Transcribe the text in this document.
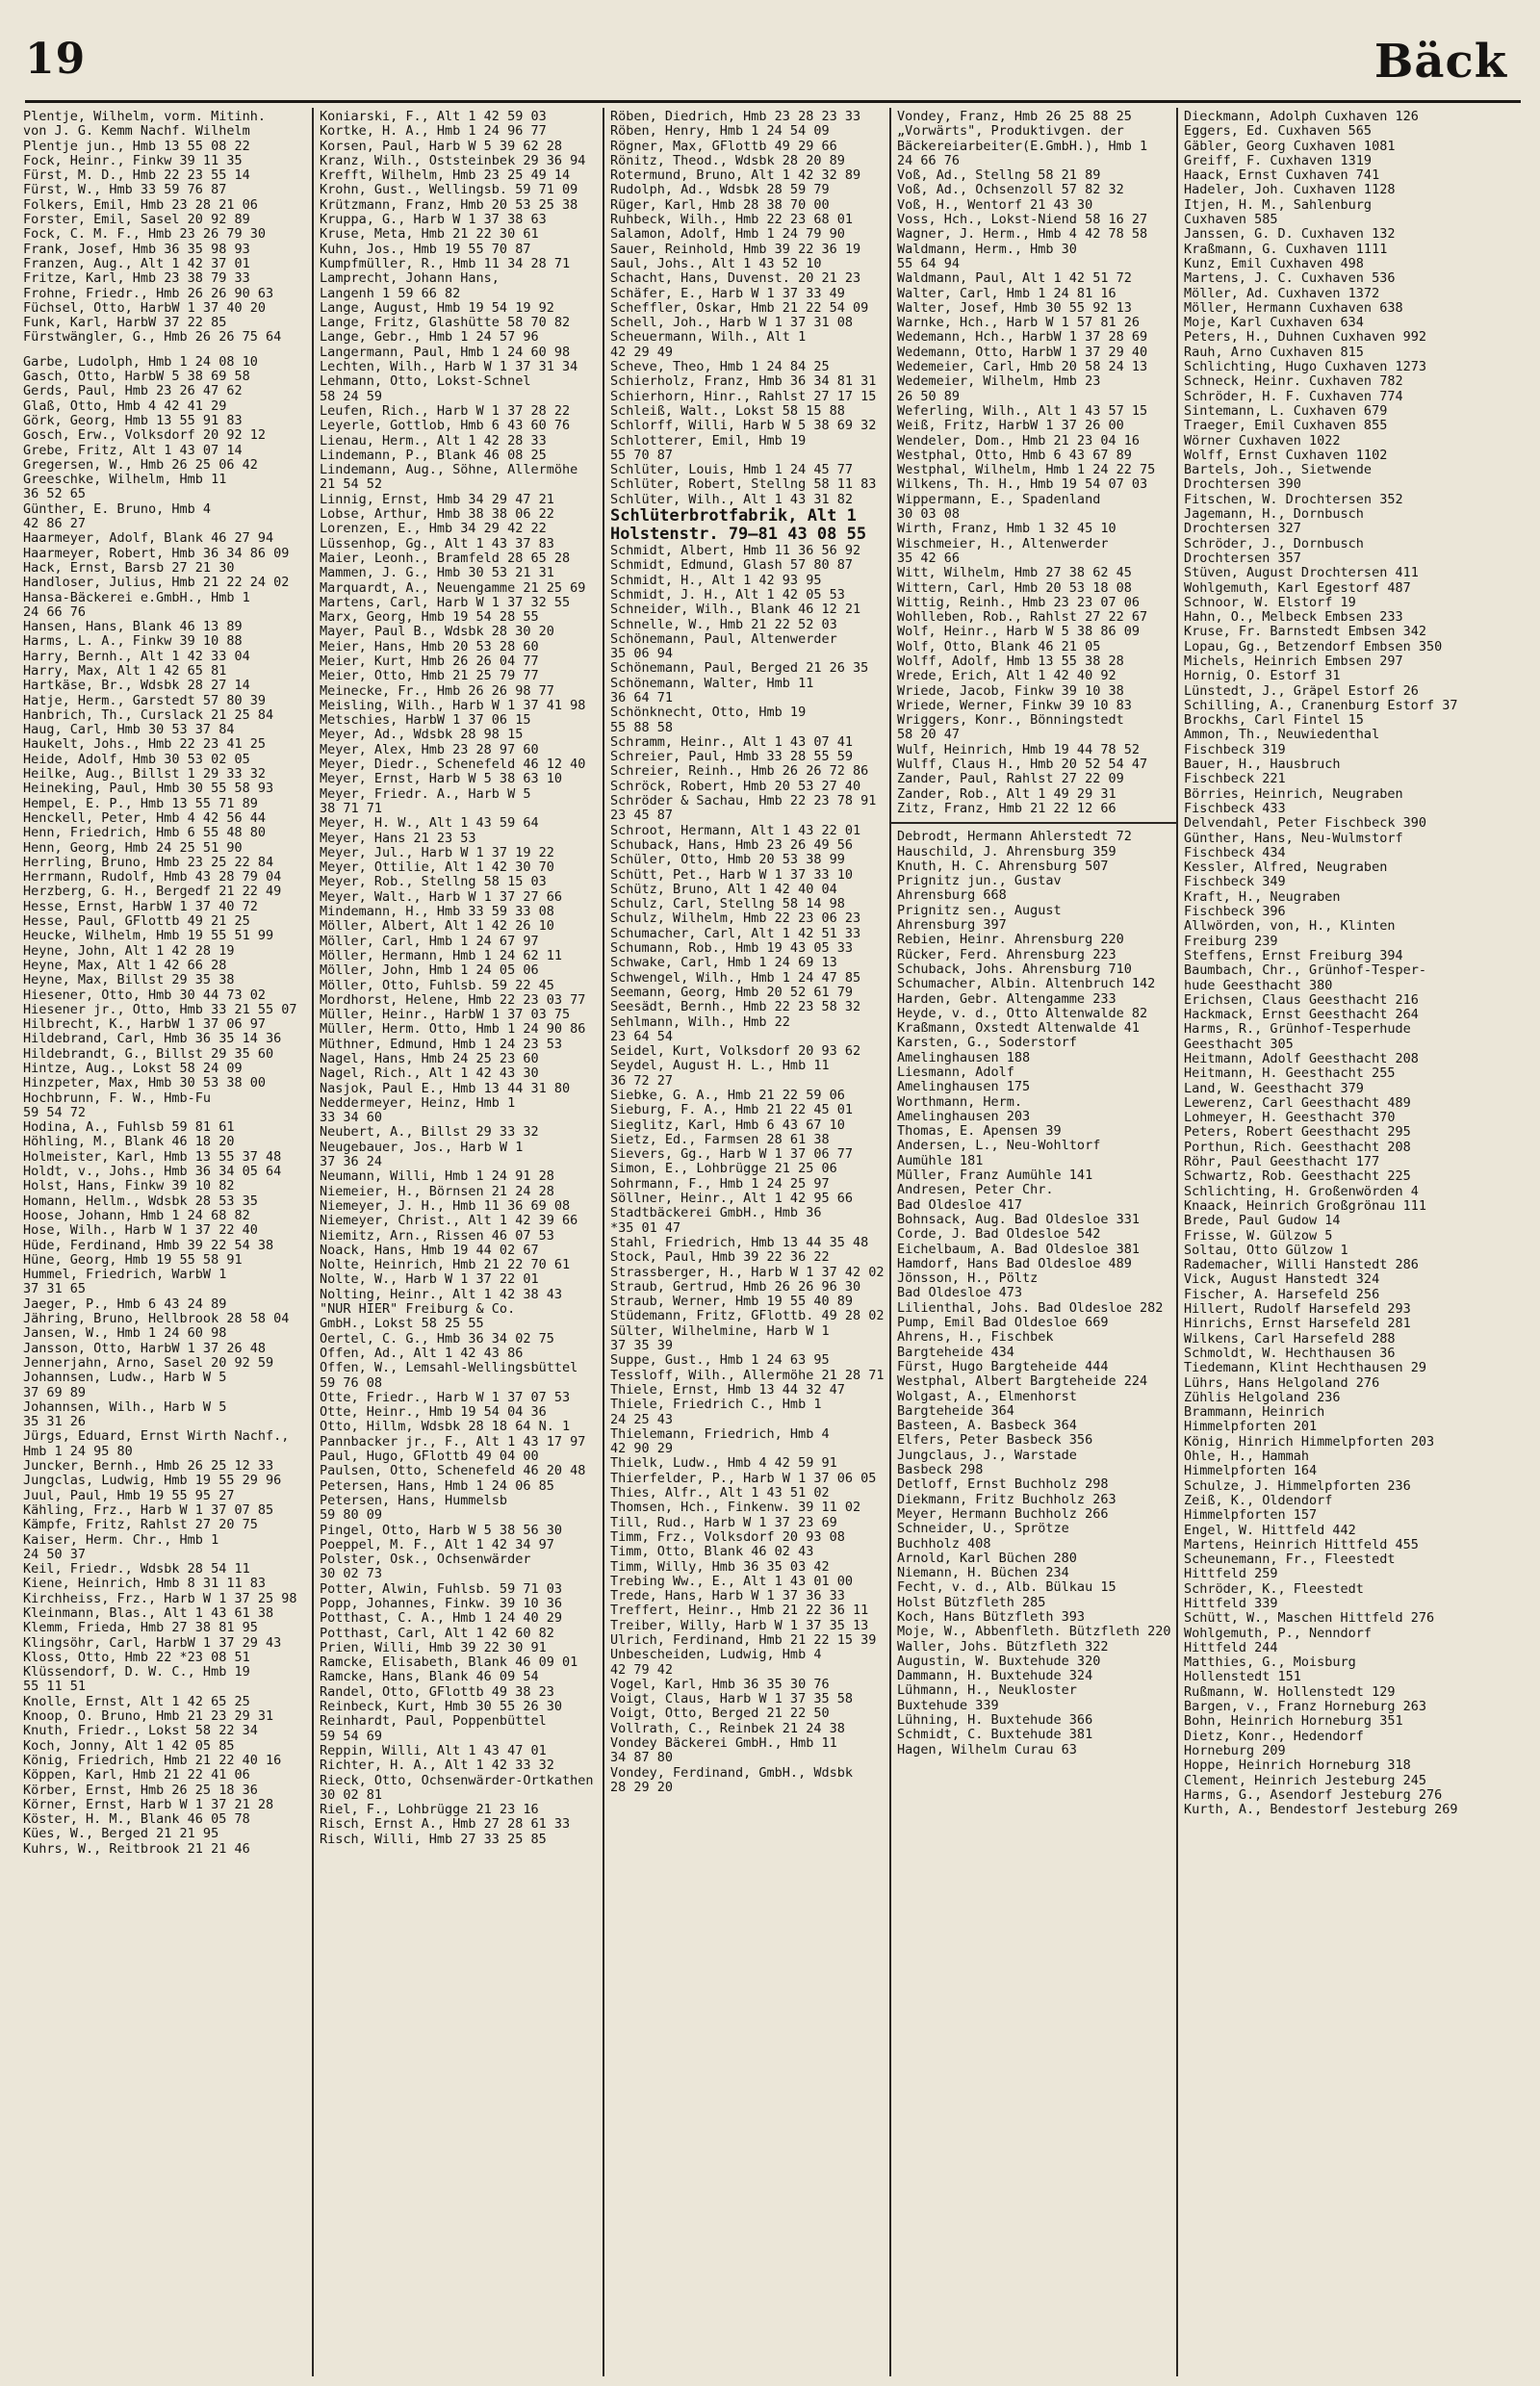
19	Bäck
Plentje, Wilhelm, vorm. Mitinh.
von J. G. Kemm Nachf. Wilhelm
Plentje jun., Hmb 13 55 08 22
Fock, Heinr., Finkw 39 11 35
Fürst, M. D., Hmb 22 23 55 14
Fürst, W., Hmb 33 59 76 87
Folkers, Emil, Hmb 23 28 21 06
Forster, Emil, Sasel 20 92 89
Fock, C. M. F., Hmb 23 26 79 30
Frank, Josef, Hmb 36 35 98 93
Franzen, Aug., Alt 1 42 37 01
Fritze, Karl, Hmb 23 38 79 33
Frohne, Friedr., Hmb 26 26 90 63
Füchsel, Otto, HarbW 1 37 40 20
Funk, Karl, HarbW 37 22 85
Fürstwängler, G., Hmb 26 26 75 64
Garbe, Ludolph, Hmb 1 24 08 10
Gasch, Otto, HarbW 5 38 69 58
Gerds, Paul, Hmb 23 26 47 62
Glaß, Otto, Hmb 4 42 41 29
Görk, Georg, Hmb 13 55 91 83
Gosch, Erw., Volksdorf 20 92 12
Grebe, Fritz, Alt 1 43 07 14
Gregersen, W., Hmb 26 25 06 42
Greeschke, Wilhelm, Hmb 11
36 52 65
Günther, E. Bruno, Hmb 4
42 86 27
Haarmeyer, Adolf, Blank 46 27 94
Haarmeyer, Robert, Hmb 36 34 86 09
Hack, Ernst, Barsb 27 21 30
Handloser, Julius, Hmb 21 22 24 02
Hansa-Bäckerei e.GmbH., Hmb 1
24 66 76
Hansen, Hans, Blank 46 13 89
Harms, L. A., Finkw 39 10 88
Harry, Bernh., Alt 1 42 33 04
Harry, Max, Alt 1 42 65 81
Hartkäse, Br., Wdsbk 28 27 14
Hatje, Herm., Garstedt 57 80 39
Hanbrich, Th., Curslack 21 25 84
Haug, Carl, Hmb 30 53 37 84
Haukelt, Johs., Hmb 22 23 41 25
Heide, Adolf, Hmb 30 53 02 05
Heilke, Aug., Billst 1 29 33 32
Heineking, Paul, Hmb 30 55 58 93
Hempel, E. P., Hmb 13 55 71 89
Henckell, Peter, Hmb 4 42 56 44
Henn, Friedrich, Hmb 6 55 48 80
Henn, Georg, Hmb 24 25 51 90
Herrling, Bruno, Hmb 23 25 22 84
Herrmann, Rudolf, Hmb 43 28 79 04
Herzberg, G. H., Bergedf 21 22 49
Hesse, Ernst, HarbW 1 37 40 72
Hesse, Paul, GFlottb 49 21 25
Heucke, Wilhelm, Hmb 19 55 51 99
Heyne, John, Alt 1 42 28 19
Heyne, Max, Alt 1 42 66 28
Heyne, Max, Billst 29 35 38
Hiesener, Otto, Hmb 30 44 73 02
Hiesener jr., Otto, Hmb 33 21 55 07
Hilbrecht, K., HarbW 1 37 06 97
Hildebrand, Carl, Hmb 36 35 14 36
Hildebrandt, G., Billst 29 35 60
Hintze, Aug., Lokst 58 24 09
Hinzpeter, Max, Hmb 30 53 38 00
Hochbrunn, F. W., Hmb-Fu
59 54 72
Hodina, A., Fuhlsb 59 81 61
Höhling, M., Blank 46 18 20
Holmeister, Karl, Hmb 13 55 37 48
Holdt, v., Johs., Hmb 36 34 05 64
Holst, Hans, Finkw 39 10 82
Homann, Hellm., Wdsbk 28 53 35
Hoose, Johann, Hmb 1 24 68 82
Hose, Wilh., Harb W 1 37 22 40
Hüde, Ferdinand, Hmb 39 22 54 38
Hüne, Georg, Hmb 19 55 58 91
Hummel, Friedrich, WarbW 1
37 31 65
Jaeger, P., Hmb 6 43 24 89
Jähring, Bruno, Hellbrook 28 58 04
Jansen, W., Hmb 1 24 60 98
Jansson, Otto, HarbW 1 37 26 48
Jennerjahn, Arno, Sasel 20 92 59
Johannsen, Ludw., Harb W 5
37 69 89
Johannsen, Wilh., Harb W 5
35 31 26
Jürgs, Eduard, Ernst Wirth Nachf.,
Hmb 1 24 95 80
Juncker, Bernh., Hmb 26 25 12 33
Jungclas, Ludwig, Hmb 19 55 29 96
Juul, Paul, Hmb 19 55 95 27
Kähling, Frz., Harb W 1 37 07 85
Kämpfe, Fritz, Rahlst 27 20 75
Kaiser, Herm. Chr., Hmb 1
24 50 37
Keil, Friedr., Wdsbk 28 54 11
Kiene, Heinrich, Hmb 8 31 11 83
Kirchheiss, Frz., Harb W 1 37 25 98
Kleinmann, Blas., Alt 1 43 61 38
Klemm, Frieda, Hmb 27 38 81 95
Klingsöhr, Carl, HarbW 1 37 29 43
Kloss, Otto, Hmb 22 *23 08 51
Klüssendorf, D. W. C., Hmb 19
55 11 51
Knolle, Ernst, Alt 1 42 65 25
Knoop, O. Bruno, Hmb 21 23 29 31
Knuth, Friedr., Lokst 58 22 34
Koch, Jonny, Alt 1 42 05 85
König, Friedrich, Hmb 21 22 40 16
Köppen, Karl, Hmb 21 22 41 06
Körber, Ernst, Hmb 26 25 18 36
Körner, Ernst, Harb W 1 37 21 28
Köster, H. M., Blank 46 05 78
Kües, W., Berged 21 21 95
Kuhrs, W., Reitbrook 21 21 46
Koniarski, F., Alt 1 42 59 03
Kortke, H. A., Hmb 1 24 96 77
Korsen, Paul, Harb W 5 39 62 28
Kranz, Wilh., Oststeinbek 29 36 94
Krefft, Wilhelm, Hmb 23 25 49 14
Krohn, Gust., Wellingsb. 59 71 09
Krützmann, Franz, Hmb 20 53 25 38
Kruppa, G., Harb W 1 37 38 63
Kruse, Meta, Hmb 21 22 30 61
Kuhn, Jos., Hmb 19 55 70 87
Kumpfmüller, R., Hmb 11 34 28 71
Lamprecht, Johann Hans,
Langenh 1 59 66 82
Lange, August, Hmb 19 54 19 92
Lange, Fritz, Glashütte 58 70 82
Lange, Gebr., Hmb 1 24 57 96
Langermann, Paul, Hmb 1 24 60 98
Lechten, Wilh., Harb W 1 37 31 34
Lehmann, Otto, Lokst-Schnel
58 24 59
Leufen, Rich., Harb W 1 37 28 22
Leyerle, Gottlob, Hmb 6 43 60 76
Lienau, Herm., Alt 1 42 28 33
Lindemann, P., Blank 46 08 25
Lindemann, Aug., Söhne, Allermöhe
21 54 52
Linnig, Ernst, Hmb 34 29 47 21
Lobse, Arthur, Hmb 38 38 06 22
Lorenzen, E., Hmb 34 29 42 22
Lüssenhop, Gg., Alt 1 43 37 83
Maier, Leonh., Bramfeld 28 65 28
Mammen, J. G., Hmb 30 53 21 31
Marquardt, A., Neuengamme 21 25 69
Martens, Carl, Harb W 1 37 32 55
Marx, Georg, Hmb 19 54 28 55
Mayer, Paul B., Wdsbk 28 30 20
Meier, Hans, Hmb 20 53 28 60
Meier, Kurt, Hmb 26 26 04 77
Meier, Otto, Hmb 21 25 79 77
Meinecke, Fr., Hmb 26 26 98 77
Meisling, Wilh., Harb W 1 37 41 98
Metschies, HarbW 1 37 06 15
Meyer, Ad., Wdsbk 28 98 15
Meyer, Alex, Hmb 23 28 97 60
Meyer, Diedr., Schenefeld 46 12 40
Meyer, Ernst, Harb W 5 38 63 10
Meyer, Friedr. A., Harb W 5
38 71 71
Meyer, H. W., Alt 1 43 59 64
Meyer, Hans 21 23 53
Meyer, Jul., Harb W 1 37 19 22
Meyer, Ottilie, Alt 1 42 30 70
Meyer, Rob., Stellng 58 15 03
Meyer, Walt., Harb W 1 37 27 66
Mindemann, H., Hmb 33 59 33 08
Möller, Albert, Alt 1 42 26 10
Möller, Carl, Hmb 1 24 67 97
Möller, Hermann, Hmb 1 24 62 11
Möller, John, Hmb 1 24 05 06
Möller, Otto, Fuhlsb. 59 22 45
Mordhorst, Helene, Hmb 22 23 03 77
Müller, Heinr., HarbW 1 37 03 75
Müller, Herm. Otto, Hmb 1 24 90 86
Müthner, Edmund, Hmb 1 24 23 53
Nagel, Hans, Hmb 24 25 23 60
Nagel, Rich., Alt 1 42 43 30
Nasjok, Paul E., Hmb 13 44 31 80
Neddermeyer, Heinz, Hmb 1
33 34 60
Neubert, A., Billst 29 33 32
Neugebauer, Jos., Harb W 1
37 36 24
Neumann, Willi, Hmb 1 24 91 28
Niemeier, H., Börnsen 21 24 28
Niemeyer, J. H., Hmb 11 36 69 08
Niemeyer, Christ., Alt 1 42 39 66
Niemitz, Arn., Rissen 46 07 53
Noack, Hans, Hmb 19 44 02 67
Nolte, Heinrich, Hmb 21 22 70 61
Nolte, W., Harb W 1 37 22 01
Nolting, Heinr., Alt 1 42 38 43
"NUR HIER" Freiburg & Co.
GmbH., Lokst 58 25 55
Oertel, C. G., Hmb 36 34 02 75
Offen, Ad., Alt 1 42 43 86
Offen, W., Lemsahl-Wellingsbüttel
59 76 08
Otte, Friedr., Harb W 1 37 07 53
Otte, Heinr., Hmb 19 54 04 36
Otto, Hillm, Wdsbk 28 18 64 N. 1
Pannbacker jr., F., Alt 1 43 17 97
Paul, Hugo, GFlottb 49 04 00
Paulsen, Otto, Schenefeld 46 20 48
Petersen, Hans, Hmb 1 24 06 85
Petersen, Hans, Hummelsb
59 80 09
Pingel, Otto, Harb W 5 38 56 30
Poeppel, M. F., Alt 1 42 34 97
Polster, Osk., Ochsenwärder
30 02 73
Potter, Alwin, Fuhlsb. 59 71 03
Popp, Johannes, Finkw. 39 10 36
Potthast, C. A., Hmb 1 24 40 29
Potthast, Carl, Alt 1 42 60 82
Prien, Willi, Hmb 39 22 30 91
Ramcke, Elisabeth, Blank 46 09 01
Ramcke, Hans, Blank 46 09 54
Randel, Otto, GFlottb 49 38 23
Reinbeck, Kurt, Hmb 30 55 26 30
Reinhardt, Paul, Poppenbüttel
59 54 69
Reppin, Willi, Alt 1 43 47 01
Richter, H. A., Alt 1 42 33 32
Rieck, Otto, Ochsenwärder-Ortkathen
30 02 81
Riel, F., Lohbrügge 21 23 16
Risch, Ernst A., Hmb 27 28 61 33
Risch, Willi, Hmb 27 33 25 85
Röben, Diedrich, Hmb 23 28 23 33
Röben, Henry, Hmb 1 24 54 09
Rögner, Max, GFlottb 49 29 66
Rönitz, Theod., Wdsbk 28 20 89
Rotermund, Bruno, Alt 1 42 32 89
Rudolph, Ad., Wdsbk 28 59 79
Rüger, Karl, Hmb 28 38 70 00
Ruhbeck, Wilh., Hmb 22 23 68 01
Salamon, Adolf, Hmb 1 24 79 90
Sauer, Reinhold, Hmb 39 22 36 19
Saul, Johs., Alt 1 43 52 10
Schacht, Hans, Duvenst. 20 21 23
Schäfer, E., Harb W 1 37 33 49
Scheffler, Oskar, Hmb 21 22 54 09
Schell, Joh., Harb W 1 37 31 08
Scheuermann, Wilh., Alt 1
42 29 49
Scheve, Theo, Hmb 1 24 84 25
Schierholz, Franz, Hmb 36 34 81 31
Schierhorn, Hinr., Rahlst 27 17 15
Schleiß, Walt., Lokst 58 15 88
Schlorff, Willi, Harb W 5 38 69 32
Schlotterer, Emil, Hmb 19
55 70 87
Schlüter, Louis, Hmb 1 24 45 77
Schlüter, Robert, Stellng 58 11 83
Schlüter, Wilh., Alt 1 43 31 82
Schlüterbrotfabrik, Alt 1
Holstenstr. 79—81 43 08 55
Schmidt, Albert, Hmb 11 36 56 92
Schmidt, Edmund, Glash 57 80 87
Schmidt, H., Alt 1 42 93 95
Schmidt, J. H., Alt 1 42 05 53
Schneider, Wilh., Blank 46 12 21
Schnelle, W., Hmb 21 22 52 03
Schönemann, Paul, Altenwerder
35 06 94
Schönemann, Paul, Berged 21 26 35
Schönemann, Walter, Hmb 11
36 64 71
Schönknecht, Otto, Hmb 19
55 88 58
Schramm, Heinr., Alt 1 43 07 41
Schreier, Paul, Hmb 33 28 55 59
Schreier, Reinh., Hmb 26 26 72 86
Schröck, Robert, Hmb 20 53 27 40
Schröder & Sachau, Hmb 22 23 78 91
23 45 87
Schroot, Hermann, Alt 1 43 22 01
Schuback, Hans, Hmb 23 26 49 56
Schüler, Otto, Hmb 20 53 38 99
Schütt, Pet., Harb W 1 37 33 10
Schütz, Bruno, Alt 1 42 40 04
Schulz, Carl, Stellng 58 14 98
Schulz, Wilhelm, Hmb 22 23 06 23
Schumacher, Carl, Alt 1 42 51 33
Schumann, Rob., Hmb 19 43 05 33
Schwake, Carl, Hmb 1 24 69 13
Schwengel, Wilh., Hmb 1 24 47 85
Seemann, Georg, Hmb 20 52 61 79
Seesädt, Bernh., Hmb 22 23 58 32
Sehlmann, Wilh., Hmb 22
23 64 54
Seidel, Kurt, Volksdorf 20 93 62
Seydel, August H. L., Hmb 11
36 72 27
Siebke, G. A., Hmb 21 22 59 06
Sieburg, F. A., Hmb 21 22 45 01
Sieglitz, Karl, Hmb 6 43 67 10
Sietz, Ed., Farmsen 28 61 38
Sievers, Gg., Harb W 1 37 06 77
Simon, E., Lohbrügge 21 25 06
Sohrmann, F., Hmb 1 24 25 97
Söllner, Heinr., Alt 1 42 95 66
Stadtbäckerei GmbH., Hmb 36
*35 01 47
Stahl, Friedrich, Hmb 13 44 35 48
Stock, Paul, Hmb 39 22 36 22
Strassberger, H., Harb W 1 37 42 02
Straub, Gertrud, Hmb 26 26 96 30
Straub, Werner, Hmb 19 55 40 89
Stüdemann, Fritz, GFlottb. 49 28 02
Sülter, Wilhelmine, Harb W 1
37 35 39
Suppe, Gust., Hmb 1 24 63 95
Tessloff, Wilh., Allermöhe 21 28 71
Thiele, Ernst, Hmb 13 44 32 47
Thiele, Friedrich C., Hmb 1
24 25 43
Thielemann, Friedrich, Hmb 4
42 90 29
Thielk, Ludw., Hmb 4 42 59 91
Thierfelder, P., Harb W 1 37 06 05
Thies, Alfr., Alt 1 43 51 02
Thomsen, Hch., Finkenw. 39 11 02
Till, Rud., Harb W 1 37 23 69
Timm, Frz., Volksdorf 20 93 08
Timm, Otto, Blank 46 02 43
Timm, Willy, Hmb 36 35 03 42
Trebing Ww., E., Alt 1 43 01 00
Trede, Hans, Harb W 1 37 36 33
Treffert, Heinr., Hmb 21 22 36 11
Treiber, Willy, Harb W 1 37 35 13
Ulrich, Ferdinand, Hmb 21 22 15 39
Unbescheiden, Ludwig, Hmb 4
42 79 42
Vogel, Karl, Hmb 36 35 30 76
Voigt, Claus, Harb W 1 37 35 58
Voigt, Otto, Berged 21 22 50
Vollrath, C., Reinbek 21 24 38
Vondey Bäckerei GmbH., Hmb 11
34 87 80
Vondey, Ferdinand, GmbH., Wdsbk
28 29 20
Vondey, Franz, Hmb 26 25 88 25
„Vorwärts", Produktivgen. der
Bäckereiarbeiter(E.GmbH.), Hmb 1
24 66 76
Voß, Ad., Stellng 58 21 89
Voß, Ad., Ochsenzoll 57 82 32
Voß, H., Wentorf 21 43 30
Voss, Hch., Lokst-Niend 58 16 27
Wagner, J. Herm., Hmb 4 42 78 58
Waldmann, Herm., Hmb 30
55 64 94
Waldmann, Paul, Alt 1 42 51 72
Walter, Carl, Hmb 1 24 81 16
Walter, Josef, Hmb 30 55 92 13
Warnke, Hch., Harb W 1 57 81 26
Wedemann, Hch., HarbW 1 37 28 69
Wedemann, Otto, HarbW 1 37 29 40
Wedemeier, Carl, Hmb 20 58 24 13
Wedemeier, Wilhelm, Hmb 23
26 50 89
Weferling, Wilh., Alt 1 43 57 15
Weiß, Fritz, HarbW 1 37 26 00
Wendeler, Dom., Hmb 21 23 04 16
Westphal, Otto, Hmb 6 43 67 89
Westphal, Wilhelm, Hmb 1 24 22 75
Wilkens, Th. H., Hmb 19 54 07 03
Wippermann, E., Spadenland
30 03 08
Wirth, Franz, Hmb 1 32 45 10
Wischmeier, H., Altenwerder
35 42 66
Witt, Wilhelm, Hmb 27 38 62 45
Wittern, Carl, Hmb 20 53 18 08
Wittig, Reinh., Hmb 23 23 07 06
Wohlleben, Rob., Rahlst 27 22 67
Wolf, Heinr., Harb W 5 38 86 09
Wolf, Otto, Blank 46 21 05
Wolff, Adolf, Hmb 13 55 38 28
Wrede, Erich, Alt 1 42 40 92
Wriede, Jacob, Finkw 39 10 38
Wriede, Werner, Finkw 39 10 83
Wriggers, Konr., Bönningstedt
58 20 47
Wulf, Heinrich, Hmb 19 44 78 52
Wulff, Claus H., Hmb 20 52 54 47
Zander, Paul, Rahlst 27 22 09
Zander, Rob., Alt 1 49 29 31
Zitz, Franz, Hmb 21 22 12 66
Debrodt, Hermann Ahlerstedt 72
Hauschild, J. Ahrensburg 359
Knuth, H. C. Ahrensburg 507
Prignitz jun., Gustav
Ahrensburg 668
Prignitz sen., August
Ahrensburg 397
Rebien, Heinr. Ahrensburg 220
Rücker, Ferd. Ahrensburg 223
Schuback, Johs. Ahrensburg 710
Schumacher, Albin. Altenbruch 142
Harden, Gebr. Altengamme 233
Heyde, v. d., Otto Altenwalde 82
Kraßmann, Oxstedt Altenwalde 41
Karsten, G., Soderstorf
Amelinghausen 188
Liesmann, Adolf
Amelinghausen 175
Worthmann, Herm.
Amelinghausen 203
Thomas, E. Apensen 39
Andersen, L., Neu-Wohltorf
Aumühle 181
Müller, Franz Aumühle 141
Andresen, Peter Chr.
Bad Oldesloe 417
Bohnsack, Aug. Bad Oldesloe 331
Corde, J. Bad Oldesloe 542
Eichelbaum, A. Bad Oldesloe 381
Hamdorf, Hans Bad Oldesloe 489
Jönsson, H., Pöltz
Bad Oldesloe 473
Lilienthal, Johs. Bad Oldesloe 282
Pump, Emil Bad Oldesloe 669
Ahrens, H., Fischbek
Bargteheide 434
Fürst, Hugo Bargteheide 444
Westphal, Albert Bargteheide 224
Wolgast, A., Elmenhorst
Bargteheide 364
Basteen, A. Basbeck 364
Elfers, Peter Basbeck 356
Jungclaus, J., Warstade
Basbeck 298
Detloff, Ernst Buchholz 298
Diekmann, Fritz Buchholz 263
Meyer, Hermann Buchholz 266
Schneider, U., Sprötze
Buchholz 408
Arnold, Karl Büchen 280
Niemann, H. Büchen 234
Fecht, v. d., Alb. Bülkau 15
Holst Bützfleth 285
Koch, Hans Bützfleth 393
Moje, W., Abbenfleth. Bützfleth 220
Waller, Johs. Bützfleth 322
Augustin, W. Buxtehude 320
Dammann, H. Buxtehude 324
Lühmann, H., Neukloster
Buxtehude 339
Lühning, H. Buxtehude 366
Schmidt, C. Buxtehude 381
Hagen, Wilhelm Curau 63
Dieckmann, Adolph Cuxhaven 126
Eggers, Ed. Cuxhaven 565
Gäbler, Georg Cuxhaven 1081
Greiff, F. Cuxhaven 1319
Haack, Ernst Cuxhaven 741
Hadeler, Joh. Cuxhaven 1128
Itjen, H. M., Sahlenburg
Cuxhaven 585
Janssen, G. D. Cuxhaven 132
Kraßmann, G. Cuxhaven 1111
Kunz, Emil Cuxhaven 498
Martens, J. C. Cuxhaven 536
Möller, Ad. Cuxhaven 1372
Möller, Hermann Cuxhaven 638
Moje, Karl Cuxhaven 634
Peters, H., Duhnen Cuxhaven 992
Rauh, Arno Cuxhaven 815
Schlichting, Hugo Cuxhaven 1273
Schneck, Heinr. Cuxhaven 782
Schröder, H. F. Cuxhaven 774
Sintemann, L. Cuxhaven 679
Traeger, Emil Cuxhaven 855
Wörner Cuxhaven 1022
Wolff, Ernst Cuxhaven 1102
Bartels, Joh., Sietwende
Drochtersen 390
Fitschen, W. Drochtersen 352
Jagemann, H., Dornbusch
Drochtersen 327
Schröder, J., Dornbusch
Drochtersen 357
Stüven, August Drochtersen 411
Wohlgemuth, Karl Egestorf 487
Schnoor, W. Elstorf 19
Hahn, O., Melbeck Embsen 233
Kruse, Fr. Barnstedt Embsen 342
Lopau, Gg., Betzendorf Embsen 350
Michels, Heinrich Embsen 297
Hornig, O. Estorf 31
Lünstedt, J., Gräpel Estorf 26
Schilling, A., Cranenburg Estorf 37
Brockhs, Carl Fintel 15
Ammon, Th., Neuwiedenthal
Fischbeck 319
Bauer, H., Hausbruch
Fischbeck 221
Börries, Heinrich, Neugraben
Fischbeck 433
Delvendahl, Peter Fischbeck 390
Günther, Hans, Neu-Wulmstorf
Fischbeck 434
Kessler, Alfred, Neugraben
Fischbeck 349
Kraft, H., Neugraben
Fischbeck 396
Allwörden, von, H., Klinten
Freiburg 239
Steffens, Ernst Freiburg 394
Baumbach, Chr., Grünhof-Tesper-
hude Geesthacht 380
Erichsen, Claus Geesthacht 216
Hackmack, Ernst Geesthacht 264
Harms, R., Grünhof-Tesperhude
Geesthacht 305
Heitmann, Adolf Geesthacht 208
Heitmann, H. Geesthacht 255
Land, W. Geesthacht 379
Lewerenz, Carl Geesthacht 489
Lohmeyer, H. Geesthacht 370
Peters, Robert Geesthacht 295
Porthun, Rich. Geesthacht 208
Röhr, Paul Geesthacht 177
Schwartz, Rob. Geesthacht 225
Schlichting, H. Großenwörden 4
Knaack, Heinrich Großgrönau 111
Brede, Paul Gudow 14
Frisse, W. Gülzow 5
Soltau, Otto Gülzow 1
Rademacher, Willi Hanstedt 286
Vick, August Hanstedt 324
Fischer, A. Harsefeld 256
Hillert, Rudolf Harsefeld 293
Hinrichs, Ernst Harsefeld 281
Wilkens, Carl Harsefeld 288
Schmoldt, W. Hechthausen 36
Tiedemann, Klint Hechthausen 29
Lührs, Hans Helgoland 276
Zühlis Helgoland 236
Brammann, Heinrich
Himmelpforten 201
König, Hinrich Himmelpforten 203
Ohle, H., Hammah
Himmelpforten 164
Schulze, J. Himmelpforten 236
Zeiß, K., Oldendorf
Himmelpforten 157
Engel, W. Hittfeld 442
Martens, Heinrich Hittfeld 455
Scheunemann, Fr., Fleestedt
Hittfeld 259
Schröder, K., Fleestedt
Hittfeld 339
Schütt, W., Maschen Hittfeld 276
Wohlgemuth, P., Nenndorf
Hittfeld 244
Matthies, G., Moisburg
Hollenstedt 151
Rußmann, W. Hollenstedt 129
Bargen, v., Franz Horneburg 263
Bohn, Heinrich Horneburg 351
Dietz, Konr., Hedendorf
Horneburg 209
Hoppe, Heinrich Horneburg 318
Clement, Heinrich Jesteburg 245
Harms, G., Asendorf Jesteburg 276
Kurth, A., Bendestorf Jesteburg 269
